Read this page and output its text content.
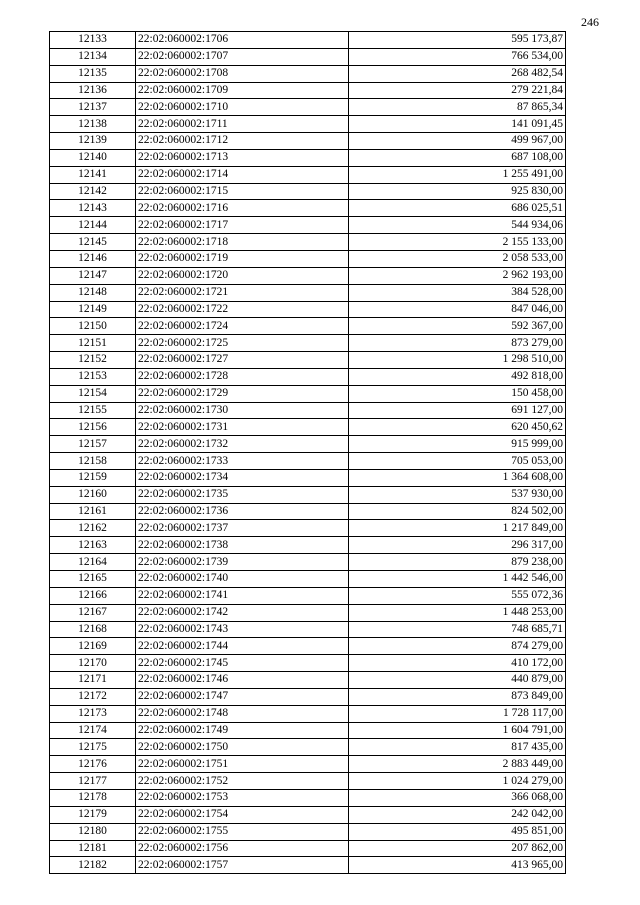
246
12133	22:02:060002:1706	595 173,87
12134	22:02:060002:1707	766 534,00
12135	22:02:060002:1708	268 482,54
12136	22:02:060002:1709	279 221,84
12137	22:02:060002:1710	87 865,34
12138	22:02:060002:1711	141 091,45
12139	22:02:060002:1712	499 967,00
12140	22:02:060002:1713	687 108,00
12141	22:02:060002:1714	1 255 491,00
12142	22:02:060002:1715	925 830,00
12143	22:02:060002:1716	686 025,51
12144	22:02:060002:1717	544 934,06
12145	22:02:060002:1718	2 155 133,00
12146	22:02:060002:1719	2 058 533,00
12147	22:02:060002:1720	2 962 193,00
12148	22:02:060002:1721	384 528,00
12149	22:02:060002:1722	847 046,00
12150	22:02:060002:1724	592 367,00
12151	22:02:060002:1725	873 279,00
12152	22:02:060002:1727	1 298 510,00
12153	22:02:060002:1728	492 818,00
12154	22:02:060002:1729	150 458,00
12155	22:02:060002:1730	691 127,00
12156	22:02:060002:1731	620 450,62
12157	22:02:060002:1732	915 999,00
12158	22:02:060002:1733	705 053,00
12159	22:02:060002:1734	1 364 608,00
12160	22:02:060002:1735	537 930,00
12161	22:02:060002:1736	824 502,00
12162	22:02:060002:1737	1 217 849,00
12163	22:02:060002:1738	296 317,00
12164	22:02:060002:1739	879 238,00
12165	22:02:060002:1740	1 442 546,00
12166	22:02:060002:1741	555 072,36
12167	22:02:060002:1742	1 448 253,00
12168	22:02:060002:1743	748 685,71
12169	22:02:060002:1744	874 279,00
12170	22:02:060002:1745	410 172,00
12171	22:02:060002:1746	440 879,00
12172	22:02:060002:1747	873 849,00
12173	22:02:060002:1748	1 728 117,00
12174	22:02:060002:1749	1 604 791,00
12175	22:02:060002:1750	817 435,00
12176	22:02:060002:1751	2 883 449,00
12177	22:02:060002:1752	1 024 279,00
12178	22:02:060002:1753	366 068,00
12179	22:02:060002:1754	242 042,00
12180	22:02:060002:1755	495 851,00
12181	22:02:060002:1756	207 862,00
12182	22:02:060002:1757	413 965,00
